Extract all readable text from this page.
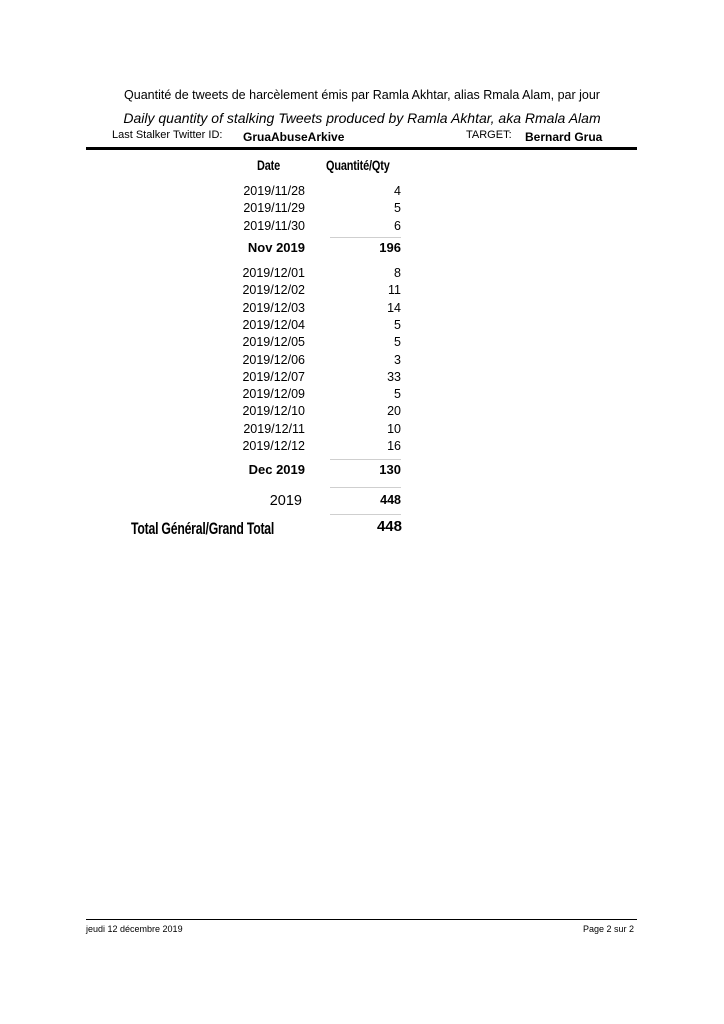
Quantité de tweets de harcèlement émis par Ramla Akhtar, alias Rmala Alam, par jour
Daily quantity of stalking Tweets produced by Ramla Akhtar, aka Rmala Alam
Last Stalker Twitter ID: GruaAbuseArkive	TARGET: Bernard Grua
Date	Quantité/Qty
2019/11/28	4
2019/11/29	5
2019/11/30	6
Nov 2019	196
2019/12/01	8
2019/12/02	11
2019/12/03	14
2019/12/04	5
2019/12/05	5
2019/12/06	3
2019/12/07	33
2019/12/09	5
2019/12/10	20
2019/12/11	10
2019/12/12	16
Dec 2019	130
2019	448
Total Général/Grand Total	448
jeudi 12 décembre 2019	Page 2 sur 2
